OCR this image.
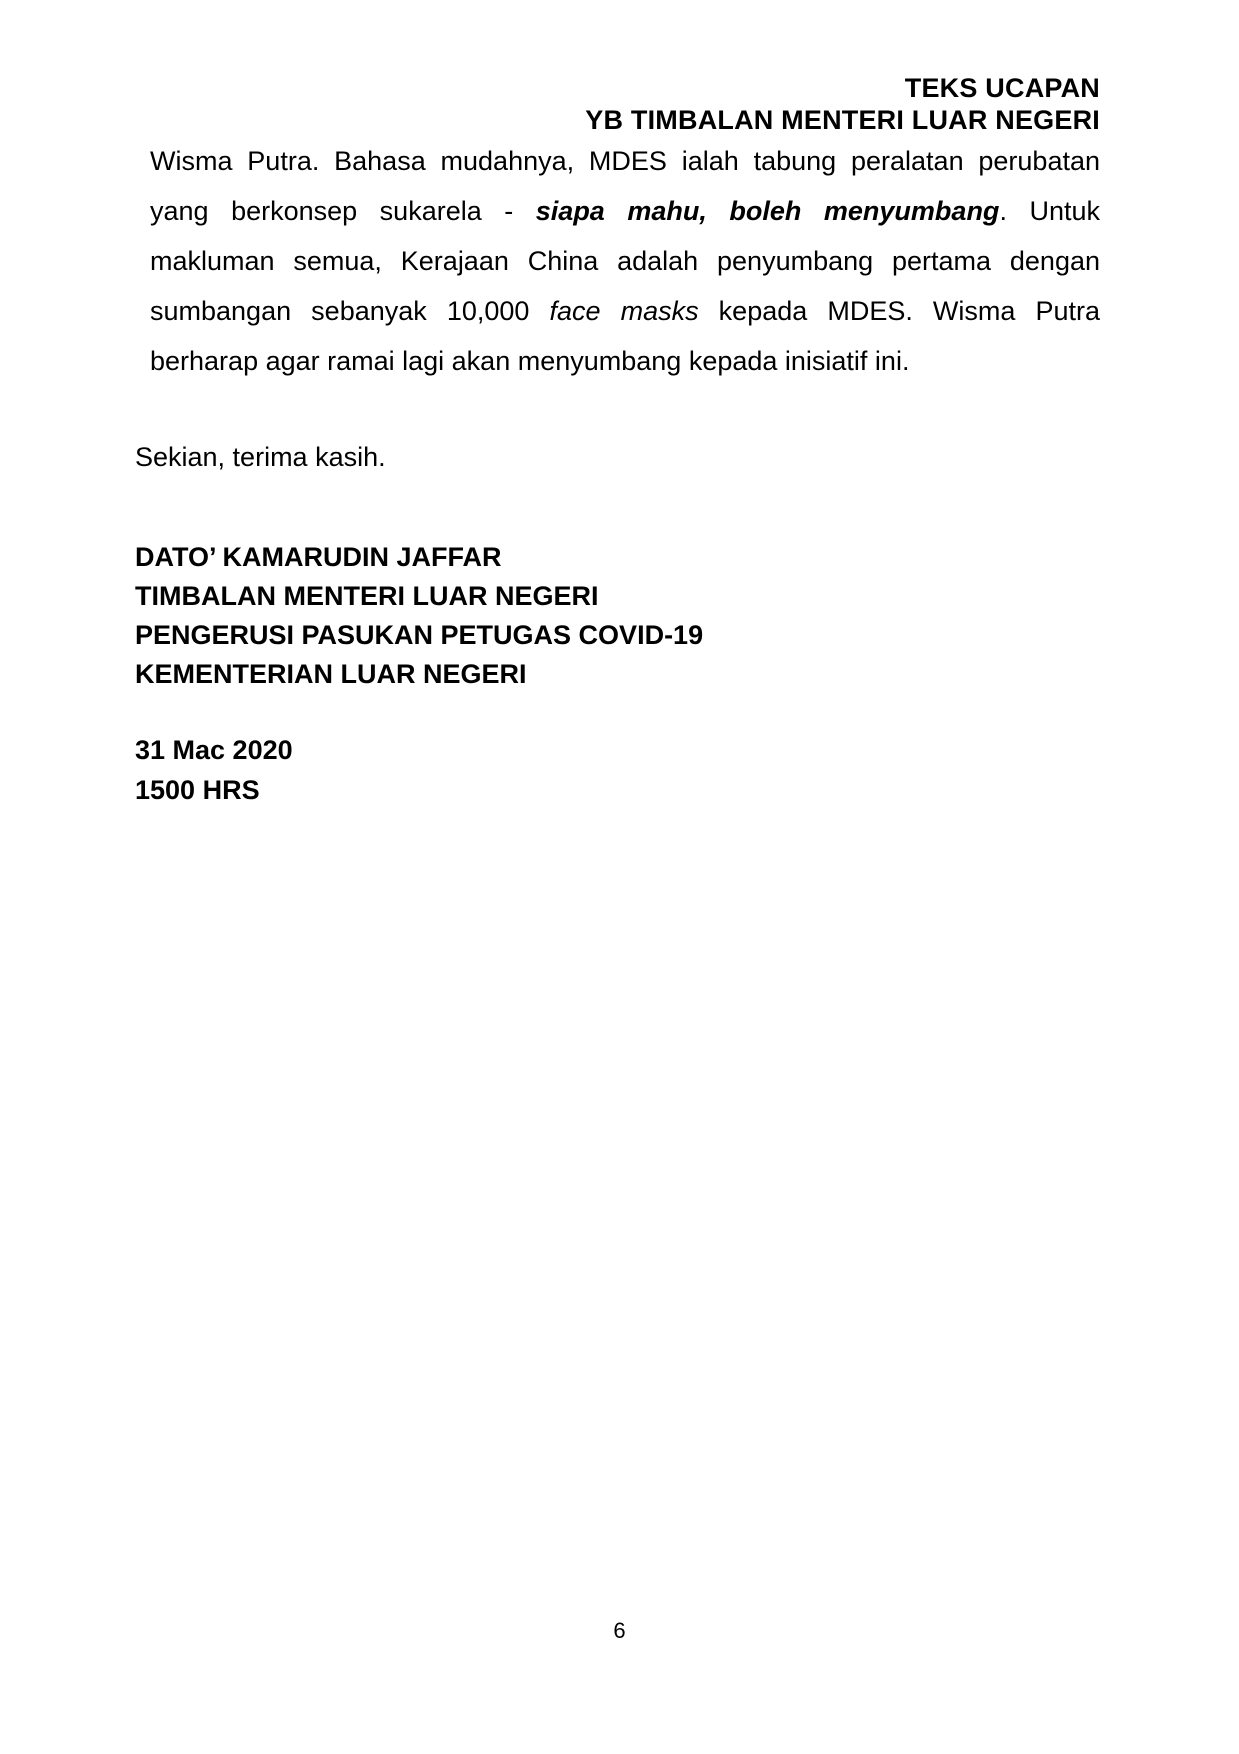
TEKS UCAPAN
YB TIMBALAN MENTERI LUAR NEGERI

Wisma Putra. Bahasa mudahnya, MDES ialah tabung peralatan perubatan yang berkonsep sukarela - siapa mahu, boleh menyumbang. Untuk makluman semua, Kerajaan China adalah penyumbang pertama dengan sumbangan sebanyak 10,000 face masks kepada MDES. Wisma Putra berharap agar ramai lagi akan menyumbang kepada inisiatif ini.

Sekian, terima kasih.
DATO’ KAMARUDIN JAFFAR
TIMBALAN MENTERI LUAR NEGERI
PENGERUSI PASUKAN PETUGAS COVID-19
KEMENTERIAN LUAR NEGERI
31 Mac 2020
1500 HRS
6
